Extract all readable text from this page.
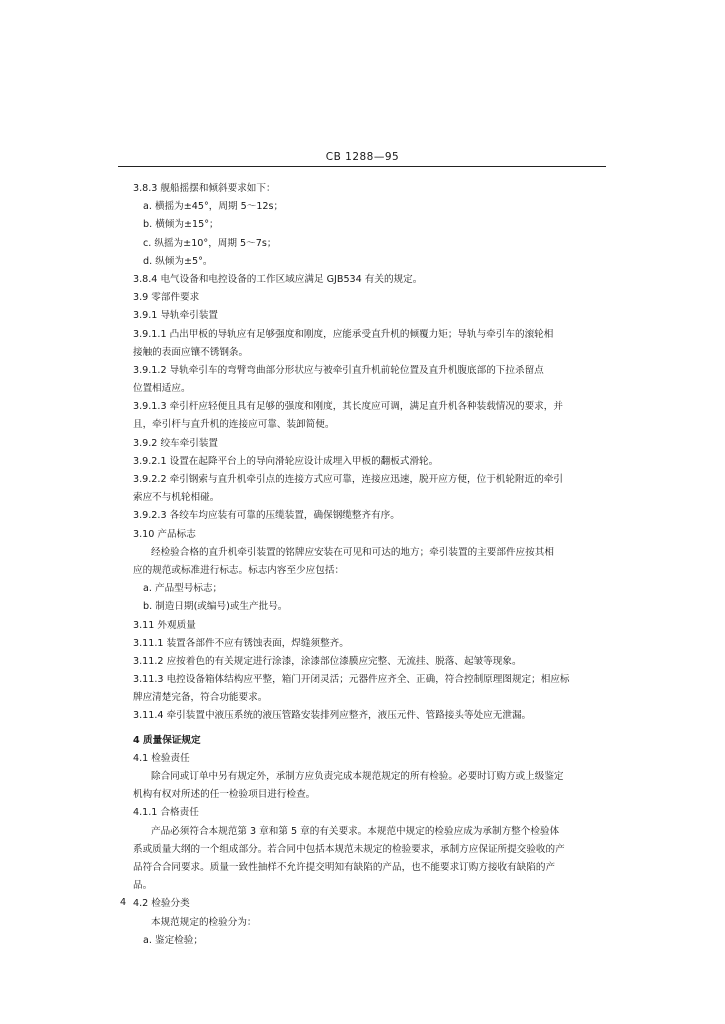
CB 1288—95
3.8.3 舰船摇摆和倾斜要求如下：
a. 横摇为±45°，周期 5～12s；
b. 横倾为±15°；
c. 纵摇为±10°，周期 5～7s；
d. 纵倾为±5°。
3.8.4 电气设备和电控设备的工作区域应满足 GJB534 有关的规定。
3.9 零部件要求
3.9.1 导轨牵引装置
3.9.1.1 凸出甲板的导轨应有足够强度和刚度，应能承受直升机的倾覆力矩；导轨与牵引车的滚轮相
接触的表面应镶不锈钢条。
3.9.1.2 导轨牵引车的弯臂弯曲部分形状应与被牵引直升机前轮位置及直升机腹底部的下拉杀留点
位置相适应。
3.9.1.3 牵引杆应轻便且具有足够的强度和刚度，其长度应可调，满足直升机各种装载情况的要求，并
且，牵引杆与直升机的连接应可靠、装卸简便。
3.9.2 绞车牵引装置
3.9.2.1 设置在起降平台上的导向滑轮应设计成埋入甲板的翻板式滑轮。
3.9.2.2 牵引钢索与直升机牵引点的连接方式应可靠，连接应迅速，脱开应方便，位于机轮附近的牵引
索应不与机轮相碰。
3.9.2.3 各绞车均应装有可靠的压缆装置，确保钢缆整齐有序。
3.10 产品标志
经检验合格的直升机牵引装置的铭牌应安装在可见和可达的地方；牵引装置的主要部件应按其相
应的规范或标准进行标志。标志内容至少应包括：
a. 产品型号标志；
b. 制造日期(或编号)或生产批号。
3.11 外观质量
3.11.1 装置各部件不应有锈蚀表面，焊缝须整齐。
3.11.2 应按着色的有关规定进行涂漆，涂漆部位漆膜应完整、无流挂、脱落、起皱等现象。
3.11.3 电控设备箱体结构应平整，箱门开闭灵活；元器件应齐全、正确，符合控制原理图规定；相应标
牌应清楚完备，符合功能要求。
3.11.4 牵引装置中液压系统的液压管路安装排列应整齐，液压元件、管路接头等处应无泄漏。
4 质量保证规定
4.1 检验责任
除合同或订单中另有规定外，承制方应负责完成本规范规定的所有检验。必要时订购方或上级鉴定
机构有权对所述的任一检验项目进行检查。
4.1.1 合格责任
产品必须符合本规范第 3 章和第 5 章的有关要求。本规范中规定的检验应成为承制方整个检验体
系或质量大纲的一个组成部分。若合同中包括本规范未规定的检验要求，承制方应保证所提交验收的产
品符合合同要求。质量一致性抽样不允许提交明知有缺陷的产品，也不能要求订购方接收有缺陷的产
品。
4.2 检验分类
本规范规定的检验分为：
a. 鉴定检验；
4
